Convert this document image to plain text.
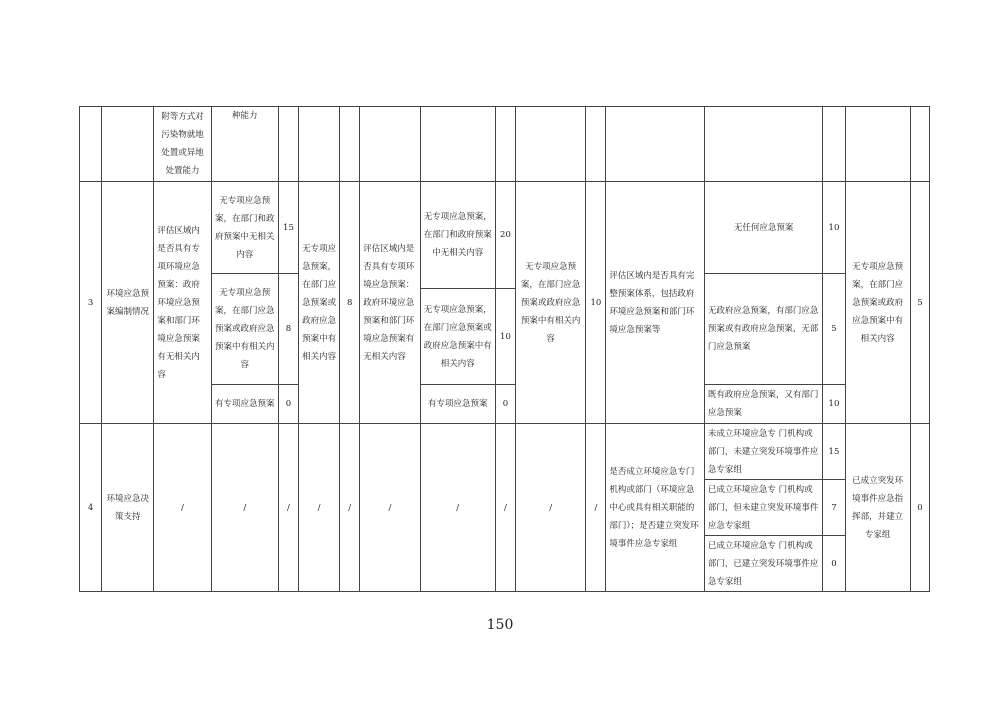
		附等方式对污染物就地处置或异地处置能力	种能力													
3	环境应急预案编制情况	评估区域内是否具有专项环境应急预案：政府环境应急预案和部门环境应急预案有无相关内容	无专项应急预案，在部门和政府预案中无相关内容	15	无专项应急预案，在部门应急预案或政府应急预案中有相关内容	8	评估区域内是否具有专项环境应急预案：政府环境应急预案和部门环境应急预案有无相关内容	无专项应急预案，在部门和政府预案中无相关内容	20	无专项应急预案，在部门应急预案或政府应急预案中有相关内容	10	评估区域内是否具有完整预案体系，包括政府环境应急预案和部门环境应急预案等	无任何应急预案	10	无专项应急预案，在部门应急预案或政府应急预案中有相关内容	5
			无专项应急预案，在部门应急预案或政府应急预案中有相关内容	8									无政府应急预案，有部门应急预案或有政府应急预案，无部门应急预案	5		
								无专项应急预案，在部门应急预案或政府应急预案中有相关内容	10							
			有专项应急预案	0				有专项应急预案	0				既有政府应急预案，又有部门应急预案	10		
4	环境应急决策支持	/	/	/	/	/	/	/	/	/	/	是否成立环境应急专门机构或部门（环境应急中心或具有相关职能的部门）；是否建立突发环境事件应急专家组	未成立环境应急专 门机构或部门，未建立突发环境事件应急专家组	15	已成立突发环境事件应急指挥部，并建立专家组	0
													已成立环境应急专 门机构或部门，但未建立突发环境事件应急专家组	7		
													已成立环境应急专 门机构或部门，已建立突发环境事件应急专家组	0		
150
